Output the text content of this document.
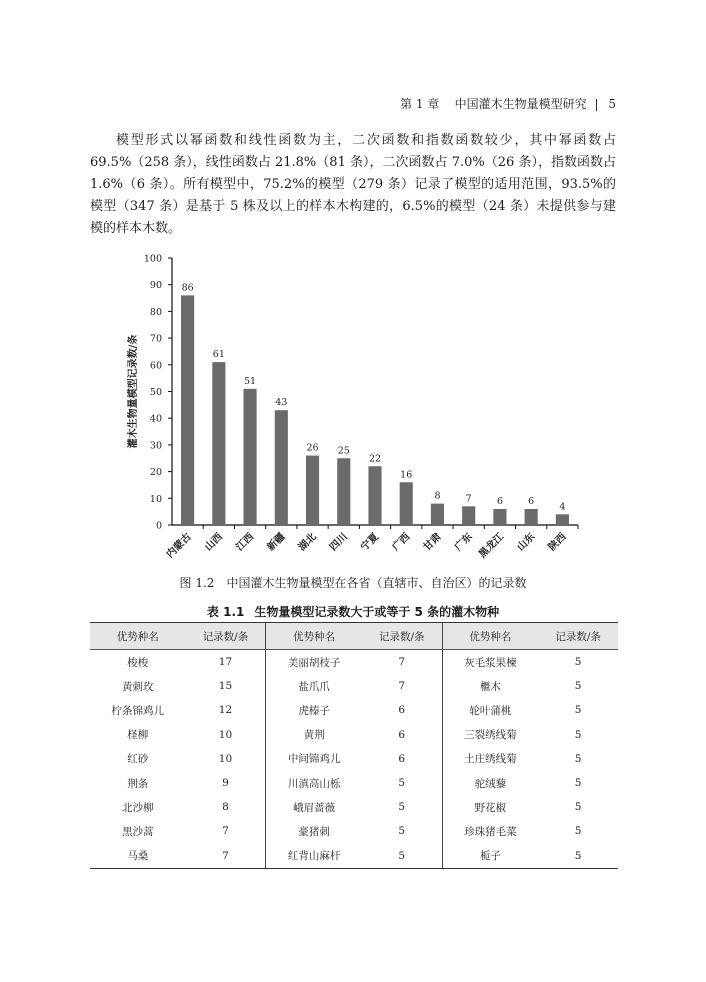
第 1 章 中国灌木生物量模型研究 | 5

模型形式以幂函数和线性函数为主，二次函数和指数函数较少，其中幂函数占 69.5%（258 条），线性函数占 21.8%（81 条），二次函数占 7.0%（26 条），指数函数占 1.6%（6 条）。所有模型中，75.2%的模型（279 条）记录了模型的适用范围，93.5%的模型（347 条）是基于 5 株及以上的样本木构建的，6.5%的模型（24 条）未提供参与建模的样本木数。

0
10
20
30
40
50
60
70
80
90
100
灌木生物量模型记录数/条
86
内蒙古
61
山西
51
江西
43
新疆
26
湖北
25
四川
22
宁夏
16
广西
8
甘肃
7
广东
6
黑龙江
6
山东
4
陕西
图 1.2　中国灌木生物量模型在各省（直辖市、自治区）的记录数
表 1.1 生物量模型记录数大于或等于 5 条的灌木物种
优势种名	记录数/条	优势种名	记录数/条	优势种名	记录数/条
梭梭	17	美丽胡枝子	7	灰毛浆果楝	5
黄刺玫	15	盐爪爪	7	檵木	5
柠条锦鸡儿	12	虎榛子	6	轮叶蒲桃	5
柽柳	10	黄荆	6	三裂绣线菊	5
红砂	10	中间锦鸡儿	6	土庄绣线菊	5
荆条	9	川滇高山栎	5	驼绒藜	5
北沙柳	8	峨眉蔷薇	5	野花椒	5
黑沙蒿	7	豪猪刺	5	珍珠猪毛菜	5
马桑	7	红背山麻杆	5	栀子	5
